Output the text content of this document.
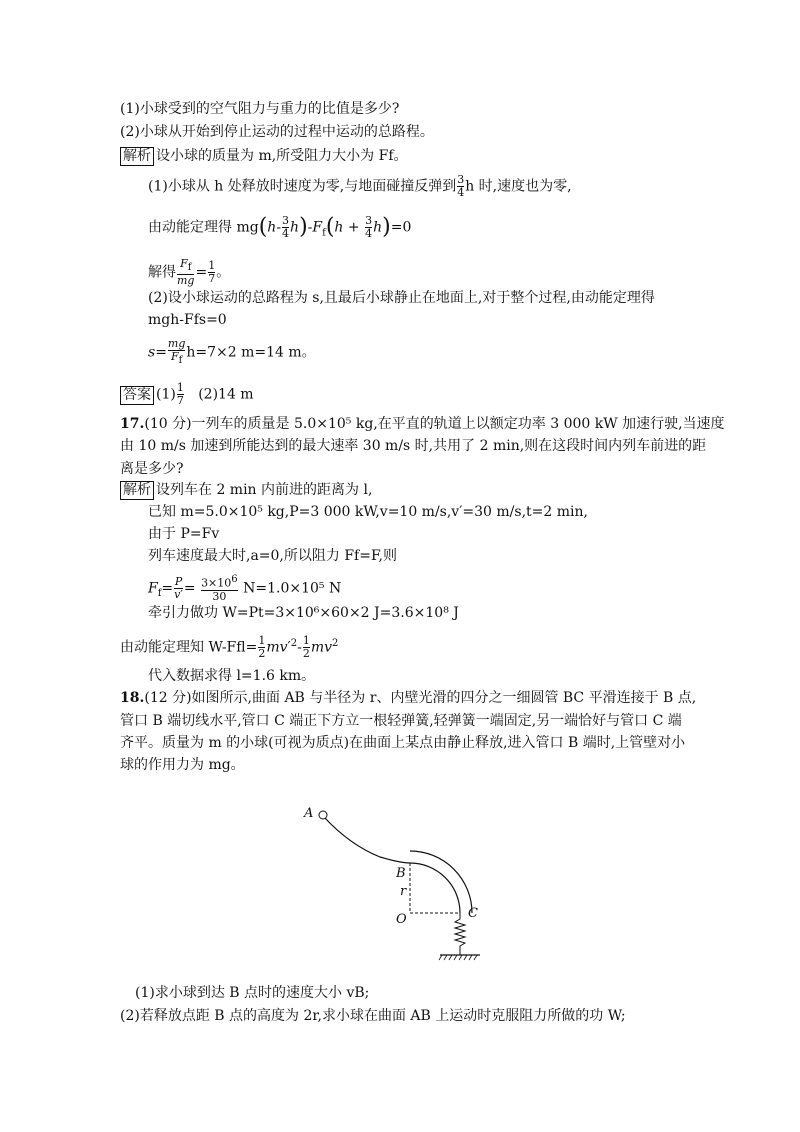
(1)小球受到的空气阻力与重力的比值是多少?
(2)小球从开始到停止运动的过程中运动的总路程。
解析 设小球的质量为 m,所受阻力大小为 Ff。
(1)小球从 h 处释放时速度为零,与地面碰撞反弹到 $\frac{3}{4}$ h 时,速度也为零,
由动能定理得 $mg(h- \frac{3}{4} h)-F_f(h + \frac{3}{4} h)=0$
解得 $\frac{F_f}{mg} = \frac{1}{7}$ 。
(2)设小球运动的总路程为 s,且最后小球静止在地面上,对于整个过程,由动能定理得
mgh-Ffs=0
$s= \frac{mg}{F_f} h=7\times 2$ m=14 m。
答案 $(1) \frac{1}{7} (2)14$ m
17.(10 分)一列车的质量是 5.0×10⁵ kg,在平直的轨道上以额定功率 3 000 kW 加速行驶,当速度
由 10 m/s 加速到所能达到的最大速率 30 m/s 时,共用了 2 min,则在这段时间内列车前进的距
离是多少?
解析 设列车在 2 min 内前进的距离为 l,
已知 m=5.0×10⁵ kg,P=3 000 kW,v=10 m/s,v′=30 m/s,t=2 min,
由于 P=Fv
列车速度最大时,a=0,所以阻力 Ff=F,则
$F_f= \frac{P}{v'} = \frac{3\times 10^6}{30} N=1.0\times 10^5$ N
牵引力做功 W=Pt=3×10⁶×60×2 J=3.6×10⁸ J
由动能定理知 $W-Ffl= \frac{1}{2} mv'^2- \frac{1}{2} mv^2$
代入数据求得 l=1.6 km。
18.(12 分)如图所示,曲面 AB 与半径为 r、内壁光滑的四分之一细圆管 BC 平滑连接于 B 点,
管口 B 端切线水平,管口 C 端正下方立一根轻弹簧,轻弹簧一端固定,另一端恰好与管口 C 端
齐平。质量为 m 的小球(可视为质点)在曲面上某点由静止释放,进入管口 B 端时,上管壁对小
球的作用力为 mg。
A
B
r
O	C
(1)求小球到达 B 点时的速度大小 vB;
(2)若释放点距 B 点的高度为 2r,求小球在曲面 AB 上运动时克服阻力所做的功 W;
